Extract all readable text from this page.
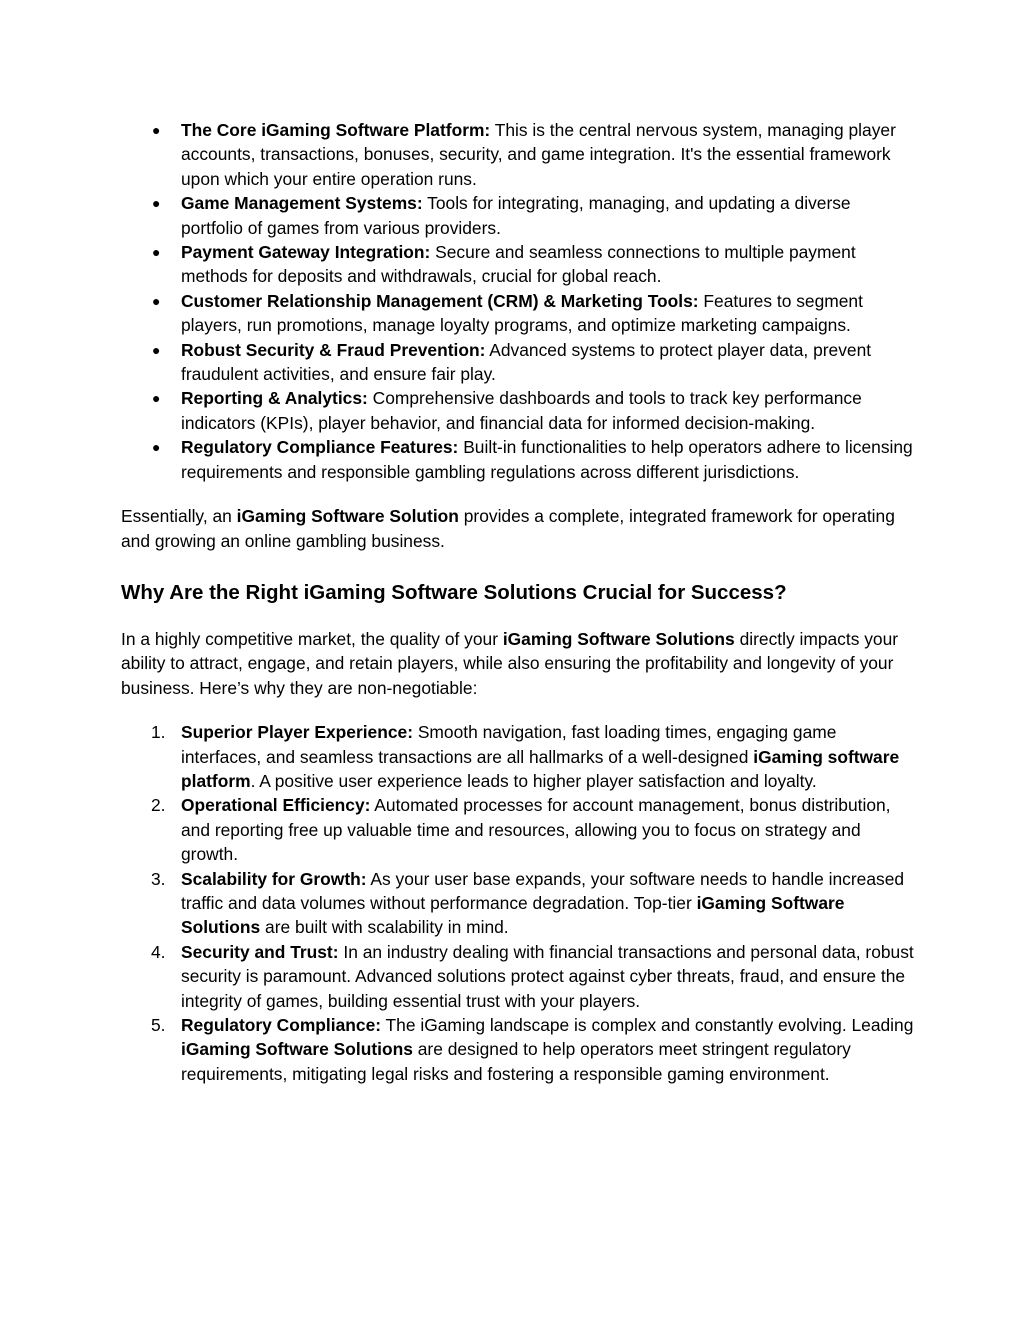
● The Core iGaming Software Platform: This is the central nervous system, managing player accounts, transactions, bonuses, security, and game integration. It's the essential framework upon which your entire operation runs.
● Game Management Systems: Tools for integrating, managing, and updating a diverse portfolio of games from various providers.
● Payment Gateway Integration: Secure and seamless connections to multiple payment methods for deposits and withdrawals, crucial for global reach.
● Customer Relationship Management (CRM) & Marketing Tools: Features to segment players, run promotions, manage loyalty programs, and optimize marketing campaigns.
● Robust Security & Fraud Prevention: Advanced systems to protect player data, prevent fraudulent activities, and ensure fair play.
● Reporting & Analytics: Comprehensive dashboards and tools to track key performance indicators (KPIs), player behavior, and financial data for informed decision-making.
● Regulatory Compliance Features: Built-in functionalities to help operators adhere to licensing requirements and responsible gambling regulations across different jurisdictions.

Essentially, an iGaming Software Solution provides a complete, integrated framework for operating and growing an online gambling business.

Why Are the Right iGaming Software Solutions Crucial for Success?

In a highly competitive market, the quality of your iGaming Software Solutions directly impacts your ability to attract, engage, and retain players, while also ensuring the profitability and longevity of your business. Here’s why they are non-negotiable:

1. Superior Player Experience: Smooth navigation, fast loading times, engaging game interfaces, and seamless transactions are all hallmarks of a well-designed iGaming software platform. A positive user experience leads to higher player satisfaction and loyalty.
2. Operational Efficiency: Automated processes for account management, bonus distribution, and reporting free up valuable time and resources, allowing you to focus on strategy and growth.
3. Scalability for Growth: As your user base expands, your software needs to handle increased traffic and data volumes without performance degradation. Top-tier iGaming Software Solutions are built with scalability in mind.
4. Security and Trust: In an industry dealing with financial transactions and personal data, robust security is paramount. Advanced solutions protect against cyber threats, fraud, and ensure the integrity of games, building essential trust with your players.
5. Regulatory Compliance: The iGaming landscape is complex and constantly evolving. Leading iGaming Software Solutions are designed to help operators meet stringent regulatory requirements, mitigating legal risks and fostering a responsible gaming environment.
